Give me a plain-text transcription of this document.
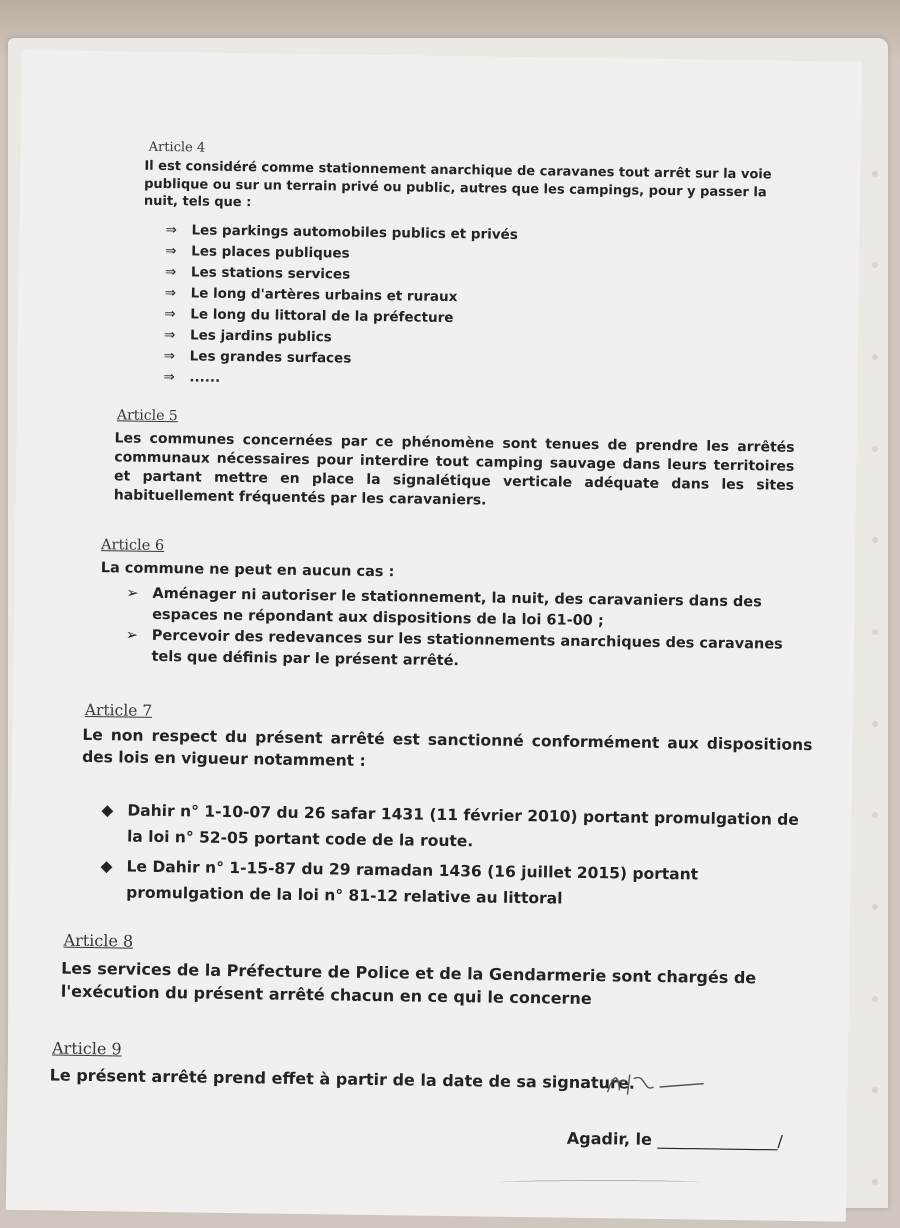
Article 4
Il est considéré comme stationnement anarchique de caravanes tout arrêt sur la voie publique ou sur un terrain privé ou public, autres que les campings, pour y passer la nuit, tels que :
⇒	Les parkings automobiles publics et privés
⇒	Les places publiques
⇒	Les stations services
⇒	Le long d'artères urbains et ruraux
⇒	Le long du littoral de la préfecture
⇒	Les jardins publics
⇒	Les grandes surfaces
⇒	......
Article 5
Les communes concernées par ce phénomène sont tenues de prendre les arrêtés communaux nécessaires pour interdire tout camping sauvage dans leurs territoires et partant mettre en place la signalétique verticale adéquate dans les sites habituellement fréquentés par les caravaniers.
Article 6
La commune ne peut en aucun cas :
➢ Aménager ni autoriser le stationnement, la nuit, des caravaniers dans des espaces ne répondant aux dispositions de la loi 61-00 ;
➢ Percevoir des redevances sur les stationnements anarchiques des caravanes tels que définis par le présent arrêté.
Article 7
Le non respect du présent arrêté est sanctionné conformément aux dispositions des lois en vigueur notamment :
◆ Dahir n° 1-10-07 du 26 safar 1431 (11 février 2010) portant promulgation de la loi n° 52-05 portant code de la route.
◆ Le Dahir n° 1-15-87 du 29 ramadan 1436 (16 juillet 2015) portant promulgation de la loi n° 81-12 relative au littoral
Article 8
Les services de la Préfecture de Police et de la Gendarmerie sont chargés de l'exécution du présent arrêté chacun en ce qui le concerne
Article 9
Le présent arrêté prend effet à partir de la date de sa signature.
Agadir, le _______________/
